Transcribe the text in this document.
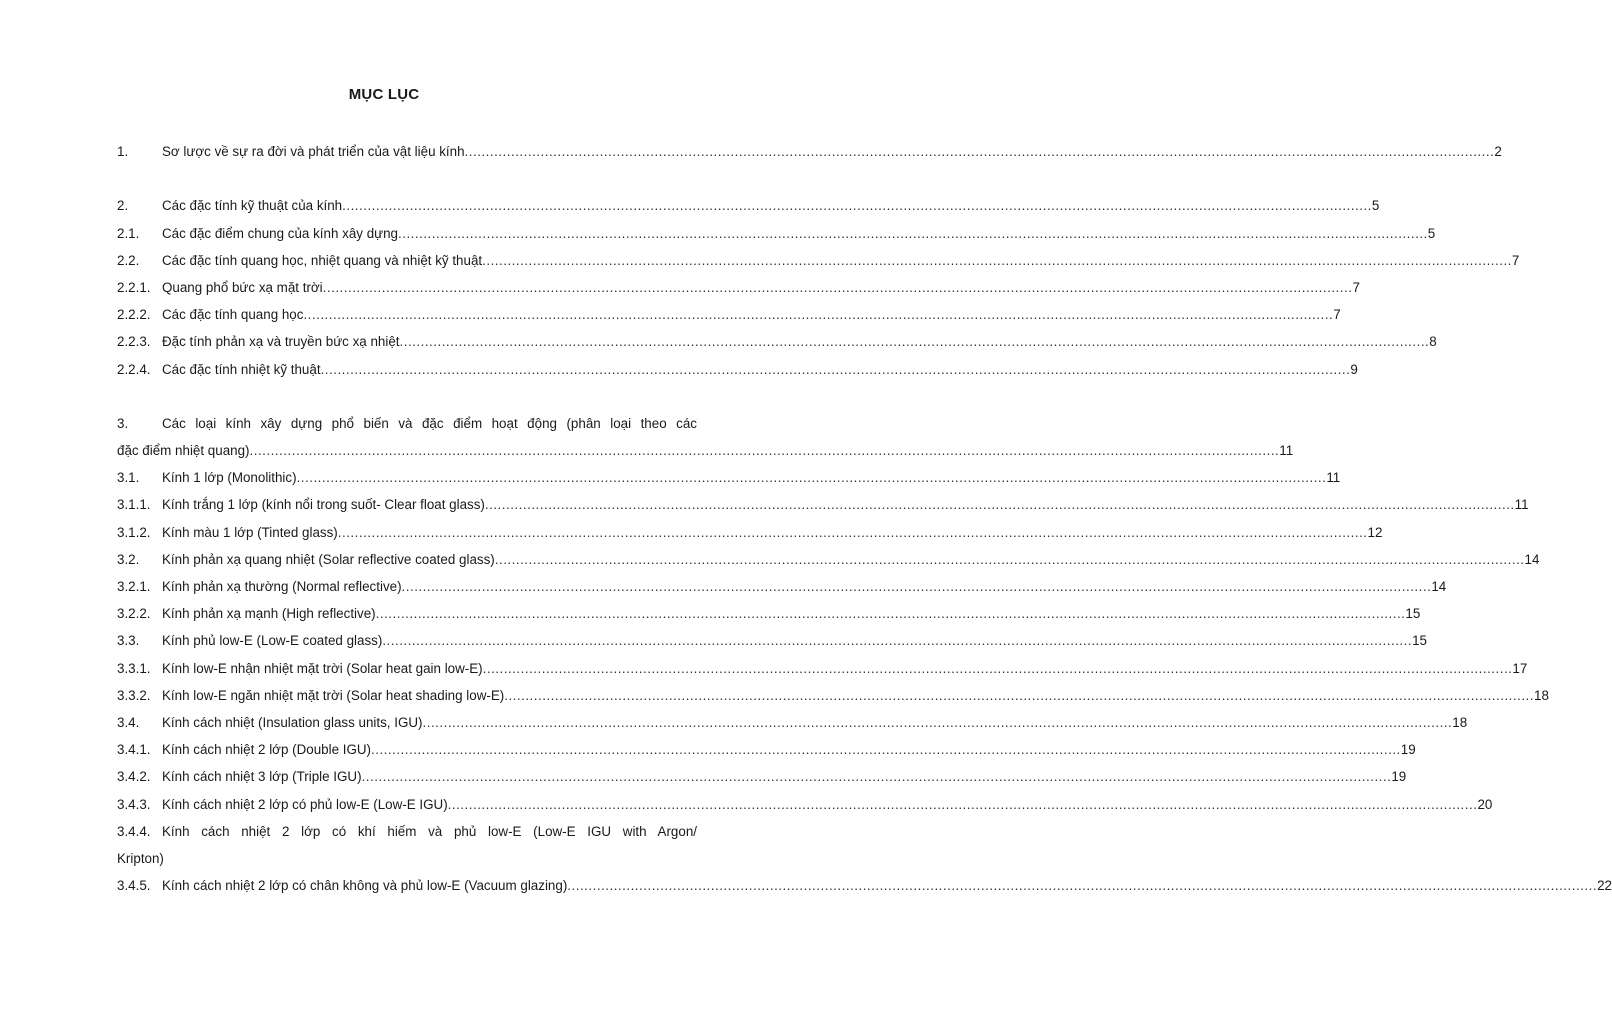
MỤC LỤC
1.	Sơ lược về sự ra đời và phát triển của vật liệu kính .....	2
2.	Các đặc tính kỹ thuật của kính .....	5
2.1.	Các đặc điểm chung của kính xây dựng .....	5
2.2.	Các đặc tính quang học, nhiệt quang và nhiệt kỹ thuật .....	7
2.2.1. Quang phổ bức xạ mặt trời .....	7
2.2.2. Các đặc tính quang học .....	7
2.2.3. Đặc tính phản xạ và truyền bức xạ nhiệt .....	8
2.2.4. Các đặc tính nhiệt kỹ thuật .....	9
3.	Các loại kính xây dựng phổ biến và đặc điểm hoạt động (phân loại theo các
đặc điểm nhiệt quang) .....	11
3.1.	Kính 1 lớp (Monolithic) .....	11
3.1.1. Kính trắng 1 lớp (kính nổi trong suốt- Clear float glass) .....	11
3.1.2. Kính màu 1 lớp (Tinted glass) .....	12
3.2.	Kính phản xạ quang nhiệt (Solar reflective coated glass) .....	14
3.2.1. Kính phản xạ thường (Normal reflective) .....	14
3.2.2. Kính phản xạ mạnh (High reflective) .....	15
3.3.	Kính phủ low-E (Low-E coated glass) .....	15
3.3.1. Kính low-E nhận nhiệt mặt trời (Solar heat gain low-E) .....	17
3.3.2. Kính low-E ngăn nhiệt mặt trời (Solar heat shading low-E) .....	18
3.4.	Kính cách nhiệt (Insulation glass units, IGU) .....	18
3.4.1. Kính cách nhiệt 2 lớp (Double IGU) .....	19
3.4.2. Kính cách nhiệt 3 lớp (Triple IGU) .....	19
3.4.3. Kính cách nhiệt 2 lớp có phủ low-E (Low-E IGU) .....	20
3.4.4. Kính cách nhiệt 2 lớp có khí hiếm và phủ low-E (Low-E IGU with Argon/
Kripton)
3.4.5. Kính cách nhiệt 2 lớp có chân không và phủ low-E (Vacuum glazing) .....	22
